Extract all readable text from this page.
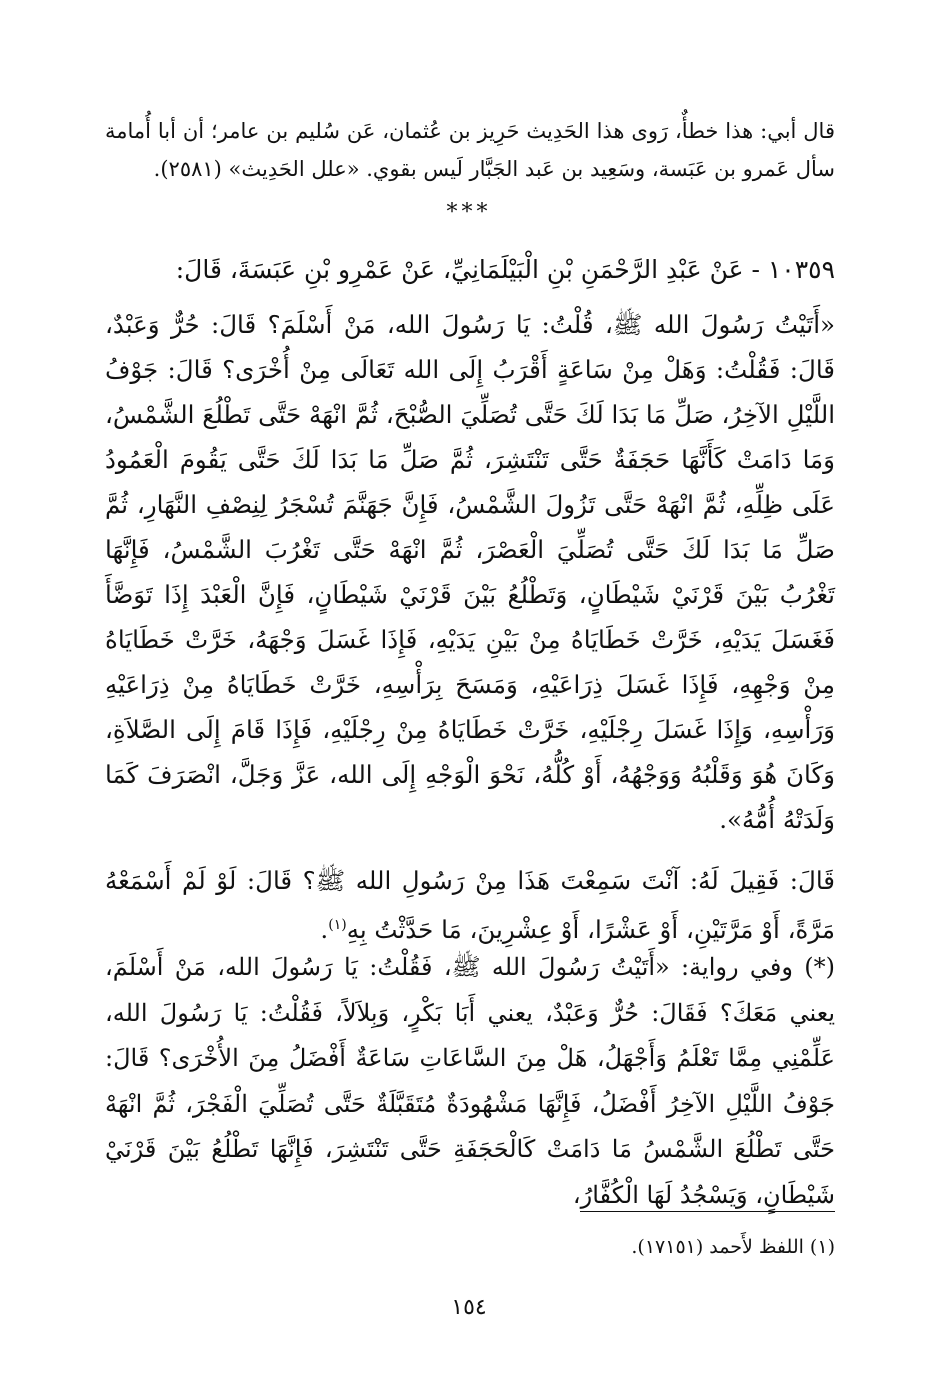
قال أبي: هذا خطأٌ، رَوى هذا الحَدِيث حَرِيز بن عُثمان، عَن سُليم بن عامر؛ أن أبا أُمامة سأل عَمرو بن عَبَسة، وسَعِيد بن عَبد الجَبَّار لَيس بقوي. «علل الحَدِيث» (٢٥٨١).

***

١٠٣٥٩ - عَنْ عَبْدِ الرَّحْمَنِ بْنِ الْبَيْلَمَانِيِّ، عَنْ عَمْرِو بْنِ عَبَسَةَ، قَالَ:

«أَتَيْتُ رَسُولَ الله ﷺ، قُلْتُ: يَا رَسُولَ الله، مَنْ أَسْلَمَ؟ قَالَ: حُرٌّ وَعَبْدٌ، قَالَ: فَقُلْتُ: وَهَلْ مِنْ سَاعَةٍ أَقْرَبُ إِلَى الله تَعَالَى مِنْ أُخْرَى؟ قَالَ: جَوْفُ اللَّيْلِ الآخِرُ، صَلِّ مَا بَدَا لَكَ حَتَّى تُصَلِّيَ الصُّبْحَ، ثُمَّ انْهَهْ حَتَّى تَطْلُعَ الشَّمْسُ، وَمَا دَامَتْ كَأَنَّهَا حَجَفَةٌ حَتَّى تَنْتَشِرَ، ثُمَّ صَلِّ مَا بَدَا لَكَ حَتَّى يَقُومَ الْعَمُودُ عَلَى ظِلِّهِ، ثُمَّ انْهَهْ حَتَّى تَزُولَ الشَّمْسُ، فَإِنَّ جَهَنَّمَ تُسْجَرُ لِنِصْفِ النَّهَارِ، ثُمَّ صَلِّ مَا بَدَا لَكَ حَتَّى تُصَلِّيَ الْعَصْرَ، ثُمَّ انْهَهْ حَتَّى تَغْرُبَ الشَّمْسُ، فَإِنَّهَا تَغْرُبُ بَيْنَ قَرْنَيْ شَيْطَانٍ، وَتَطْلُعُ بَيْنَ قَرْنَيْ شَيْطَانٍ، فَإِنَّ الْعَبْدَ إِذَا تَوَضَّأَ فَغَسَلَ يَدَيْهِ، خَرَّتْ خَطَايَاهُ مِنْ بَيْنِ يَدَيْهِ، فَإِذَا غَسَلَ وَجْهَهُ، خَرَّتْ خَطَايَاهُ مِنْ وَجْهِهِ، فَإِذَا غَسَلَ ذِرَاعَيْهِ، وَمَسَحَ بِرَأْسِهِ، خَرَّتْ خَطَايَاهُ مِنْ ذِرَاعَيْهِ وَرَأْسِهِ، وَإِذَا غَسَلَ رِجْلَيْهِ، خَرَّتْ خَطَايَاهُ مِنْ رِجْلَيْهِ، فَإِذَا قَامَ إِلَى الصَّلاَةِ، وَكَانَ هُوَ وَقَلْبُهُ وَوَجْهُهُ، أَوْ كُلُّهُ، نَحْوَ الْوَجْهِ إِلَى الله، عَزَّ وَجَلَّ، انْصَرَفَ كَمَا وَلَدَتْهُ أُمُّهُ».

قَالَ: فَقِيلَ لَهُ: آنْتَ سَمِعْتَ هَذَا مِنْ رَسُولِ الله ﷺ؟ قَالَ: لَوْ لَمْ أَسْمَعْهُ مَرَّةً، أَوْ مَرَّتَيْنِ، أَوْ عَشْرًا، أَوْ عِشْرِينَ، مَا حَدَّثْتُ بِهِ$^{(١)}$.

(*) وفي رواية: «أَتَيْتُ رَسُولَ الله ﷺ، فَقُلْتُ: يَا رَسُولَ الله، مَنْ أَسْلَمَ، يعني مَعَكَ؟ فَقَالَ: حُرٌّ وَعَبْدٌ، يعني أَبَا بَكْرٍ، وَبِلاَلاً، فَقُلْتُ: يَا رَسُولَ الله، عَلِّمْنِي مِمَّا تَعْلَمُ وَأَجْهَلُ، هَلْ مِنَ السَّاعَاتِ سَاعَةٌ أَفْضَلُ مِنَ الأُخْرَى؟ قَالَ: جَوْفُ اللَّيْلِ الآخِرُ أَفْضَلُ، فَإِنَّهَا مَشْهُودَةٌ مُتَقَبَّلَةٌ حَتَّى تُصَلِّيَ الْفَجْرَ، ثُمَّ انْهَهْ حَتَّى تَطْلُعَ الشَّمْسُ مَا دَامَتْ كَالْحَجَفَةِ حَتَّى تَنْتَشِرَ، فَإِنَّهَا تَطْلُعُ بَيْنَ قَرْنَيْ شَيْطَانٍ، وَيَسْجُدُ لَهَا الْكُفَّارُ،

(١) اللفظ لأَحمد (١٧١٥١).
١٥٤
